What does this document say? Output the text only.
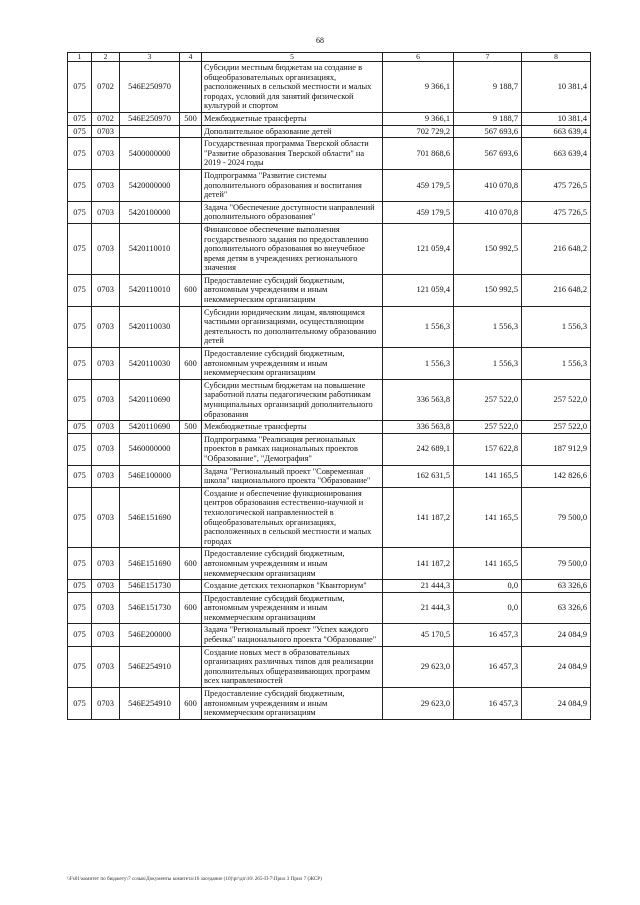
68
1	2	3	4	5	6	7	8
075	0702	546E250970		Субсидии местным бюджетам на создание в общеобразовательных организациях, расположенных в сельской местности и малых городах, условий для занятий физической культурой и спортом	9 366,1	9 188,7	10 381,4
075	0702	546E250970	500	Межбюджетные трансферты	9 366,1	9 188,7	10 381,4
075	0703			Дополнительное образование детей	702 729,2	567 693,6	663 639,4
075	0703	5400000000		Государственная программа Тверской области "Развитие образования Тверской области" на 2019 - 2024 годы	701 868,6	567 693,6	663 639,4
075	0703	5420000000		Подпрограмма "Развитие системы дополнительного образования и воспитания детей"	459 179,5	410 070,8	475 726,5
075	0703	5420100000		Задача "Обеспечение доступности направлений дополнительного образования"	459 179,5	410 070,8	475 726,5
075	0703	5420110010		Финансовое обеспечение выполнения государственного задания по предоставлению дополнительного образования во внеучебное время детям в учреждениях регионального значения	121 059,4	150 992,5	216 648,2
075	0703	5420110010	600	Предоставление субсидий бюджетным, автономным учреждениям и иным некоммерческим организациям	121 059,4	150 992,5	216 648,2
075	0703	5420110030		Субсидии юридическим лицам, являющимся частными организациями, осуществляющим деятельность по дополнительному образованию детей	1 556,3	1 556,3	1 556,3
075	0703	5420110030	600	Предоставление субсидий бюджетным, автономным учреждениям и иным некоммерческим организациям	1 556,3	1 556,3	1 556,3
075	0703	5420110690		Субсидии местным бюджетам на повышение заработной платы педагогическим работникам муниципальных организаций дополнительного образования	336 563,8	257 522,0	257 522,0
075	0703	5420110690	500	Межбюджетные трансферты	336 563,8	257 522,0	257 522,0
075	0703	5460000000		Подпрограмма "Реализация региональных проектов в рамках национальных проектов "Образование", "Демография"	242 689,1	157 622,8	187 912,9
075	0703	546E100000		Задача "Региональный проект "Современная школа" национального проекта "Образование"	162 631,5	141 165,5	142 826,6
075	0703	546E151690		Создание и обеспечение функционирования центров образования естественно-научной и технологической направленностей в общеобразовательных организациях, расположенных в сельской местности и малых городах	141 187,2	141 165,5	79 500,0
075	0703	546E151690	600	Предоставление субсидий бюджетным, автономным учреждениям и иным некоммерческим организациям	141 187,2	141 165,5	79 500,0
075	0703	546E151730		Создание детских технопарков "Кванториум"	21 444,3	0,0	63 326,6
075	0703	546E151730	600	Предоставление субсидий бюджетным, автономным учреждениям и иным некоммерческим организациям	21 444,3	0,0	63 326,6
075	0703	546E200000		Задача "Региональный проект "Успех каждого ребенка" национального проекта "Образование"	45 170,5	16 457,3	24 084,9
075	0703	546E254910		Создание новых мест в образовательных организациях различных типов для реализации дополнительных общеразвивающих программ всех направленностей	29 623,0	16 457,3	24 084,9
075	0703	546E254910	600	Предоставление субсидий бюджетным, автономным учреждениям и иным некоммерческим организациям	29 623,0	16 457,3	24 084,9
\\Fs01\комитет по бюджету\7 созыв\Документы комитета\16 заседание (10)\рг\дп\16\ 265-П-7\Прил 3 Прил 7 (ЖСР)
